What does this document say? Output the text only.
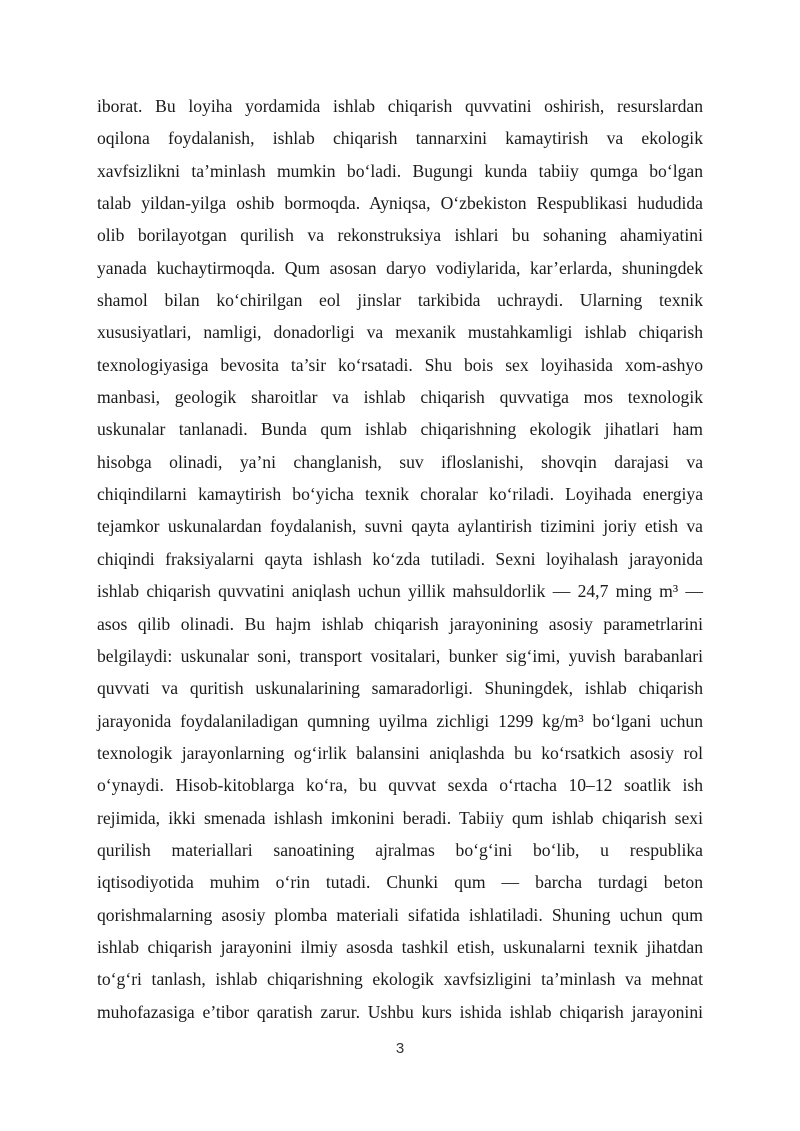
iborat. Bu loyiha yordamida ishlab chiqarish quvvatini oshirish, resurslardan
oqilona foydalanish, ishlab chiqarish tannarxini kamaytirish va ekologik
xavfsizlikni ta’minlash mumkin bo‘ladi. Bugungi kunda tabiiy qumga bo‘lgan
talab yildan-yilga oshib bormoqda. Ayniqsa, O‘zbekiston Respublikasi hududida
olib borilayotgan qurilish va rekonstruksiya ishlari bu sohaning ahamiyatini
yanada kuchaytirmoqda. Qum asosan daryo vodiylarida, kar’erlarda, shuningdek
shamol bilan ko‘chirilgan eol jinslar tarkibida uchraydi. Ularning texnik
xususiyatlari, namligi, donadorligi va mexanik mustahkamligi ishlab chiqarish
texnologiyasiga bevosita ta’sir ko‘rsatadi. Shu bois sex loyihasida xom-ashyo
manbasi, geologik sharoitlar va ishlab chiqarish quvvatiga mos texnologik
uskunalar tanlanadi. Bunda qum ishlab chiqarishning ekologik jihatlari ham
hisobga olinadi, ya’ni changlanish, suv ifloslanishi, shovqin darajasi va
chiqindilarni kamaytirish bo‘yicha texnik choralar ko‘riladi. Loyihada energiya
tejamkor uskunalardan foydalanish, suvni qayta aylantirish tizimini joriy etish va
chiqindi fraksiyalarni qayta ishlash ko‘zda tutiladi. Sexni loyihalash jarayonida
ishlab chiqarish quvvatini aniqlash uchun yillik mahsuldorlik — 24,7 ming m³ —
asos qilib olinadi. Bu hajm ishlab chiqarish jarayonining asosiy parametrlarini
belgilaydi: uskunalar soni, transport vositalari, bunker sig‘imi, yuvish barabanlari
quvvati va quritish uskunalarining samaradorligi. Shuningdek, ishlab chiqarish
jarayonida foydalaniladigan qumning uyilma zichligi 1299 kg/m³ bo‘lgani uchun
texnologik jarayonlarning og‘irlik balansini aniqlashda bu ko‘rsatkich asosiy rol
o‘ynaydi. Hisob-kitoblarga ko‘ra, bu quvvat sexda o‘rtacha 10–12 soatlik ish
rejimida, ikki smenada ishlash imkonini beradi. Tabiiy qum ishlab chiqarish sexi
qurilish materiallari sanoatining ajralmas bo‘g‘ini bo‘lib, u respublika
iqtisodiyotida muhim o‘rin tutadi. Chunki qum — barcha turdagi beton
qorishmalarning asosiy plomba materiali sifatida ishlatiladi. Shuning uchun qum
ishlab chiqarish jarayonini ilmiy asosda tashkil etish, uskunalarni texnik jihatdan
to‘g‘ri tanlash, ishlab chiqarishning ekologik xavfsizligini ta’minlash va mehnat
muhofazasiga e’tibor qaratish zarur. Ushbu kurs ishida ishlab chiqarish jarayonini
3
